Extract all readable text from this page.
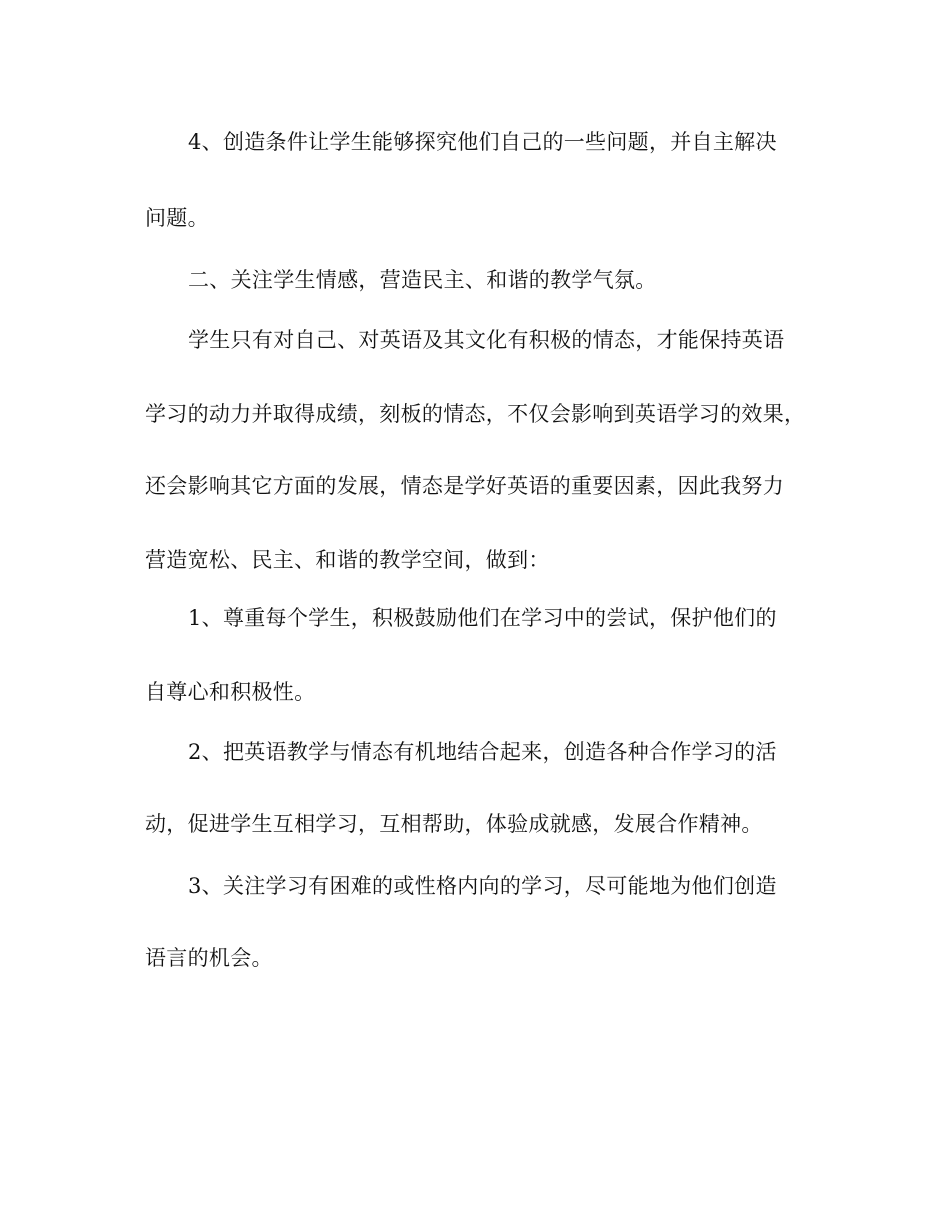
4、创造条件让学生能够探究他们自己的一些问题，并自主解决
问题。
二、关注学生情感，营造民主、和谐的教学气氛。
学生只有对自己、对英语及其文化有积极的情态，才能保持英语
学习的动力并取得成绩，刻板的情态，不仅会影响到英语学习的效果，
还会影响其它方面的发展，情态是学好英语的重要因素，因此我努力
营造宽松、民主、和谐的教学空间，做到：
1、尊重每个学生，积极鼓励他们在学习中的尝试，保护他们的
自尊心和积极性。
2、把英语教学与情态有机地结合起来，创造各种合作学习的活
动，促进学生互相学习，互相帮助，体验成就感，发展合作精神。
3、关注学习有困难的或性格内向的学习，尽可能地为他们创造
语言的机会。
